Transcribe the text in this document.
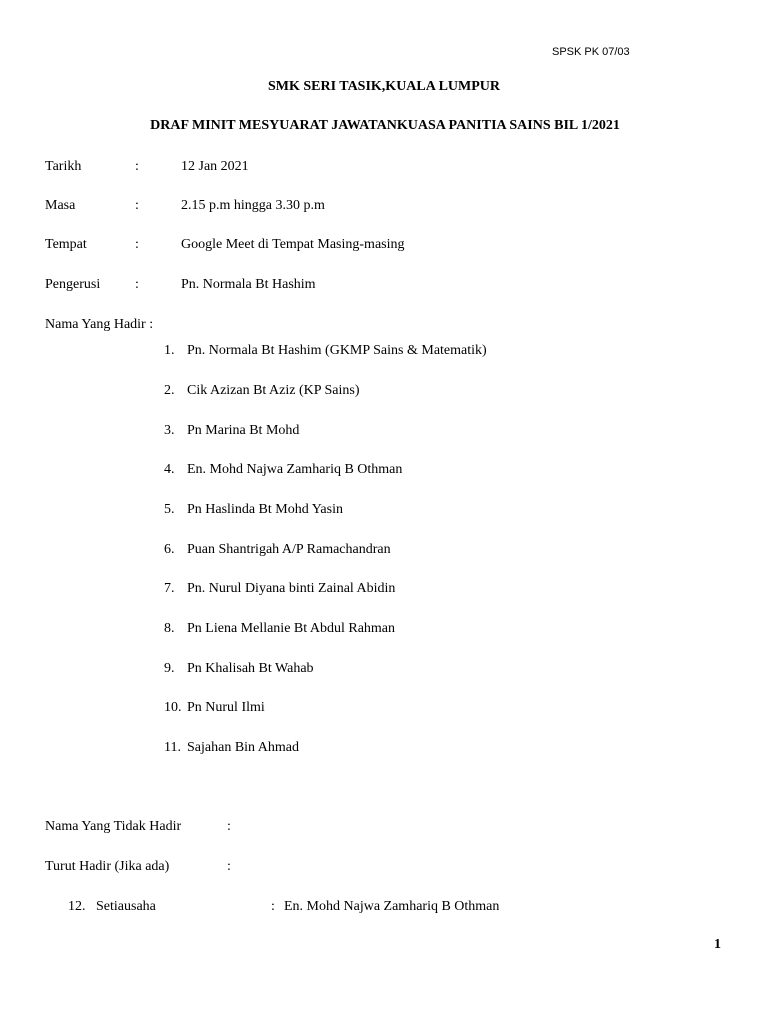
SPSK PK 07/03
SMK SERI TASIK,KUALA LUMPUR
DRAF MINIT MESYUARAT JAWATANKUASA PANITIA SAINS BIL 1/2021
Tarikh	:	12 Jan 2021
Masa	:	2.15 p.m hingga 3.30 p.m
Tempat	:	Google Meet di Tempat Masing-masing
Pengerusi :	Pn. Normala Bt Hashim
Nama Yang Hadir :
1. Pn. Normala Bt Hashim (GKMP Sains & Matematik)
2. Cik Azizan Bt Aziz (KP Sains)
3. Pn Marina Bt Mohd
4. En. Mohd Najwa Zamhariq B Othman
5. Pn Haslinda Bt Mohd Yasin
6. Puan Shantrigah A/P Ramachandran
7. Pn. Nurul Diyana binti Zainal Abidin
8. Pn Liena Mellanie Bt Abdul Rahman
9. Pn Khalisah Bt Wahab
10. Pn Nurul Ilmi
11. Sajahan Bin Ahmad
Nama Yang Tidak Hadir	:
Turut Hadir (Jika ada)	:
12. Setiausaha	: En. Mohd Najwa Zamhariq B Othman
1
